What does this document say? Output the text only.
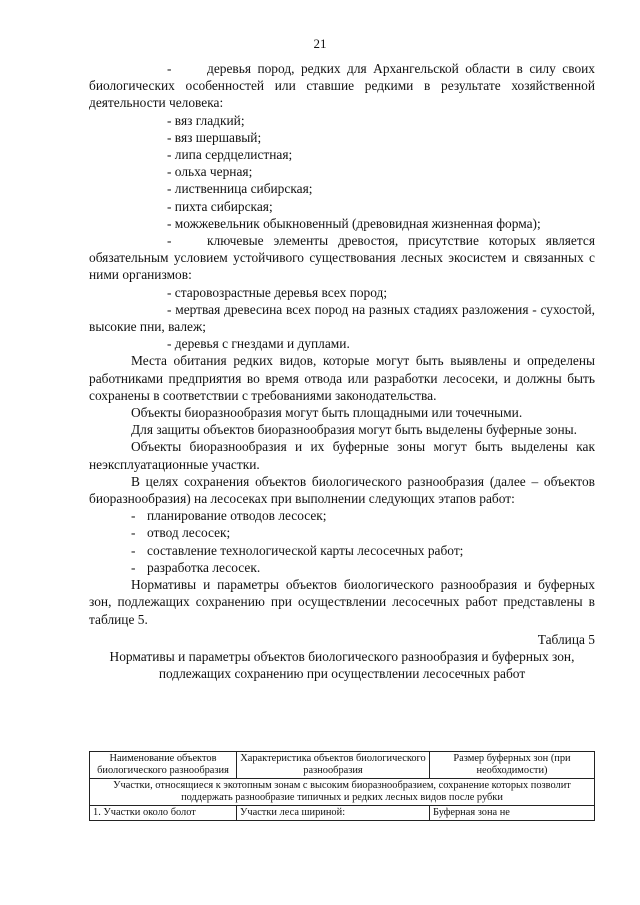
21

-	деревья пород, редких для Архангельской области в силу своих биологических особенностей или ставшие редкими в результате хозяйственной деятельности человека:

- вяз гладкий;

- вяз шершавый;

- липа сердцелистная;

- ольха черная;

- лиственница сибирская;

- пихта сибирская;

- можжевельник обыкновенный (древовидная жизненная форма);

-	ключевые элементы древостоя, присутствие которых является обязательным условием устойчивого существования лесных экосистем и связанных с ними организмов:

- старовозрастные деревья всех пород;

- мертвая древесина всех пород на разных стадиях разложения - сухостой, высокие пни, валеж;

- деревья с гнездами и дуплами.

Места обитания редких видов, которые могут быть выявлены и определены работниками предприятия во время отвода или разработки лесосеки, и должны быть сохранены в соответствии с требованиями законодательства.

Объекты биоразнообразия могут быть площадными или точечными.

Для защиты объектов биоразнообразия могут быть выделены буферные зоны.

Объекты биоразнообразия и их буферные зоны могут быть выделены как неэксплуатационные участки.

В целях сохранения объектов биологического разнообразия (далее – объектов биоразнообразия) на лесосеках при выполнении следующих этапов работ:

- планирование отводов лесосек;

- отвод лесосек;

- составление технологической карты лесосечных работ;

- разработка лесосек.

Нормативы и параметры объектов биологического разнообразия и буферных зон, подлежащих сохранению при осуществлении лесосечных работ представлены в таблице 5.

Таблица 5

Нормативы и параметры объектов биологического разнообразия и буферных зон, подлежащих сохранению при осуществлении лесосечных работ

Наименование объектов биологического разнообразия	Характеристика объектов биологического разнообразия	Размер буферных зон (при необходимости)
Участки, относящиеся к экотопным зонам с высоким биоразнообразием, сохранение которых позволит поддержать разнообразие типичных и редких лесных видов после рубки		
1. Участки около болот	Участки леса шириной:	Буферная зона не
